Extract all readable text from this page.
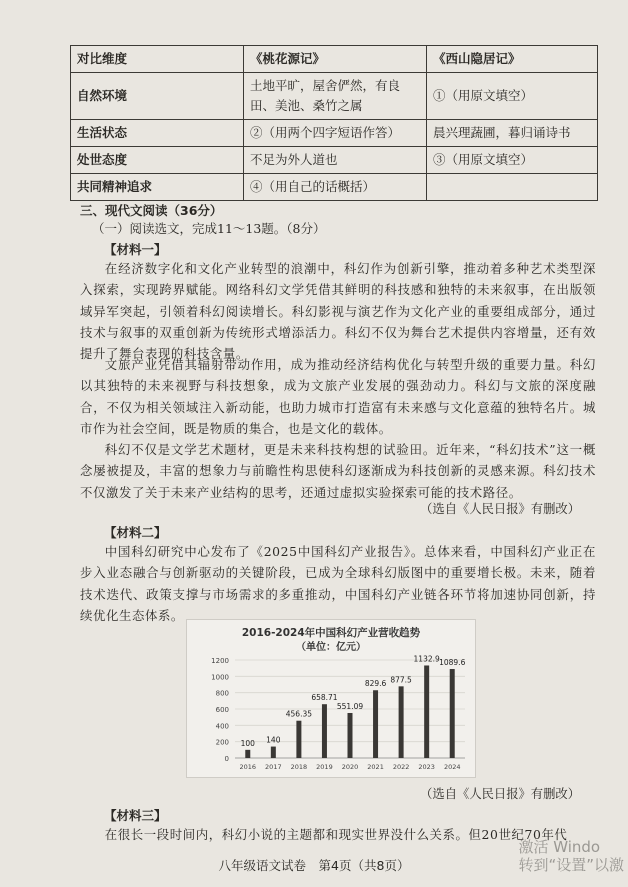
对比维度	《桃花源记》	《西山隐居记》
自然环境	土地平旷，屋舍俨然，有良田、美池、桑竹之属	①（用原文填空）
生活状态	②（用两个四字短语作答）	晨兴理蔬圃，暮归诵诗书
处世态度	不足为外人道也	③（用原文填空）
共同精神追求	④（用自己的话概括）	
三、现代文阅读（36分）
（一）阅读选文，完成11～13题。（8分）
【材料一】

在经济数字化和文化产业转型的浪潮中，科幻作为创新引擎，推动着多种艺术类型深入探索，实现跨界赋能。网络科幻文学凭借其鲜明的科技感和独特的未来叙事，在出版领域异军突起，引领着科幻阅读增长。科幻影视与演艺作为文化产业的重要组成部分，通过技术与叙事的双重创新为传统形式增添活力。科幻不仅为舞台艺术提供内容增量，还有效提升了舞台表现的科技含量。

文旅产业凭借其辐射带动作用，成为推动经济结构优化与转型升级的重要力量。科幻以其独特的未来视野与科技想象，成为文旅产业发展的强劲动力。科幻与文旅的深度融合，不仅为相关领域注入新动能，也助力城市打造富有未来感与文化意蕴的独特名片。城市作为社会空间，既是物质的集合，也是文化的载体。

科幻不仅是文学艺术题材，更是未来科技构想的试验田。近年来，“科幻技术”这一概念屡被提及，丰富的想象力与前瞻性构思使科幻逐渐成为科技创新的灵感来源。科幻技术不仅激发了关于未来产业结构的思考，还通过虚拟实验探索可能的技术路径。

（选自《人民日报》有删改）
【材料二】

中国科幻研究中心发布了《2025中国科幻产业报告》。总体来看，中国科幻产业正在步入业态融合与创新驱动的关键阶段，已成为全球科幻版图中的重要增长极。未来，随着技术迭代、政策支撑与市场需求的多重推动，中国科幻产业链各环节将加速协同创新，持续优化生态体系。

2016-2024年中国科幻产业营收趋势
（单位：亿元）
0
200
400
600
800
1000
1200
100
2016
140
2017
456.35
2018
658.71
2019
551.09
2020
829.6
2021
877.5
2022
1132.9
2023
1089.6
2024
（选自《人民日报》有删改）
【材料三】

在很长一段时间内，科幻小说的主题都和现实世界没什么关系。但20世纪70年代

八年级语文试卷　第4页（共8页）
激活 Windo
转到“设置”以激
